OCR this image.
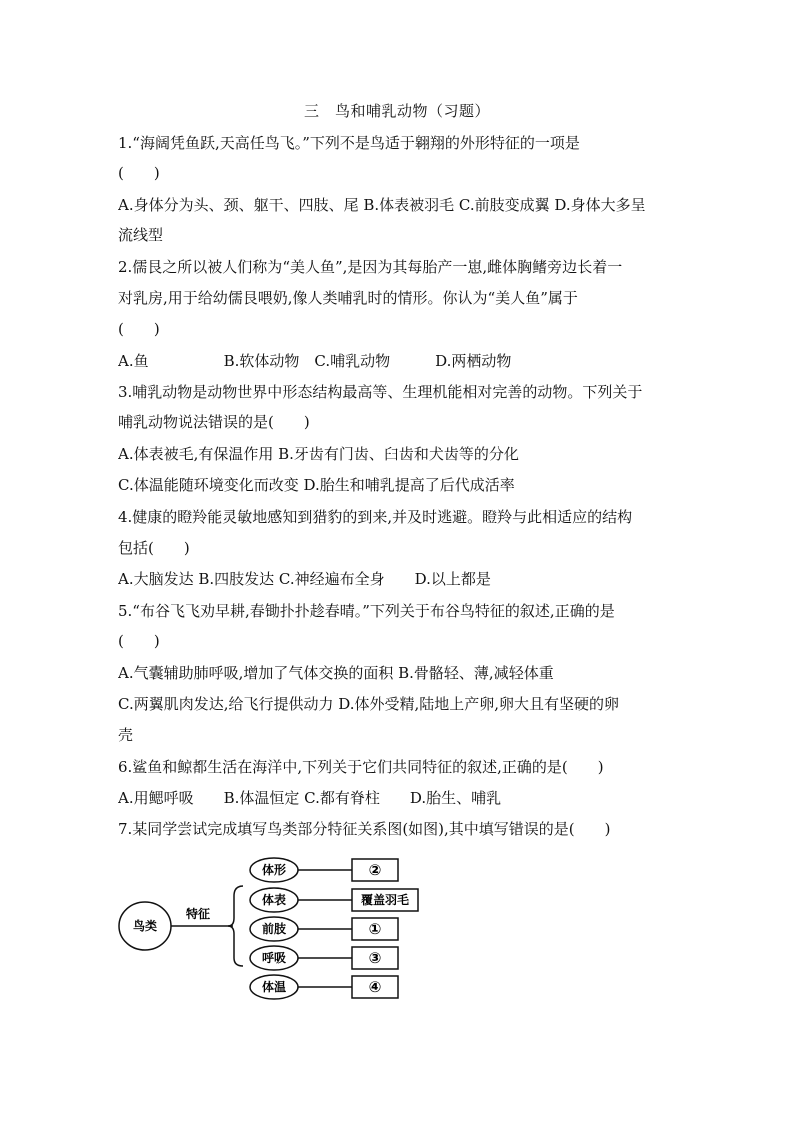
三　鸟和哺乳动物（习题）
1.“海阔凭鱼跃,天高任鸟飞。”下列不是鸟适于翱翔的外形特征的一项是
(　　)
A.身体分为头、颈、躯干、四肢、尾 B.体表被羽毛 C.前肢变成翼 D.身体大多呈
流线型
2.儒艮之所以被人们称为“美人鱼”,是因为其每胎产一崽,雌体胸鳍旁边长着一
对乳房,用于给幼儒艮喂奶,像人类哺乳时的情形。你认为“美人鱼”属于
(　　)
A.鱼　　　　　B.软体动物　C.哺乳动物　　　D.两栖动物
3.哺乳动物是动物世界中形态结构最高等、生理机能相对完善的动物。下列关于
哺乳动物说法错误的是(　　)
A.体表被毛,有保温作用 B.牙齿有门齿、臼齿和犬齿等的分化
C.体温能随环境变化而改变 D.胎生和哺乳提高了后代成活率
4.健康的瞪羚能灵敏地感知到猎豹的到来,并及时逃避。瞪羚与此相适应的结构
包括(　　)
A.大脑发达 B.四肢发达 C.神经遍布全身　　D.以上都是
5.“布谷飞飞劝早耕,春锄扑扑趁春晴。”下列关于布谷鸟特征的叙述,正确的是
(　　)
A.气囊辅助肺呼吸,增加了气体交换的面积 B.骨骼轻、薄,减轻体重
C.两翼肌肉发达,给飞行提供动力 D.体外受精,陆地上产卵,卵大且有坚硬的卵
壳
6.鲨鱼和鲸都生活在海洋中,下列关于它们共同特征的叙述,正确的是(　　)
A.用鳃呼吸　　B.体温恒定 C.都有脊柱　　D.胎生、哺乳
7.某同学尝试完成填写鸟类部分特征关系图(如图),其中填写错误的是(　　)
鸟类
特征
体形	②
体表	覆盖羽毛
前肢	①
呼吸	③
体温	④
